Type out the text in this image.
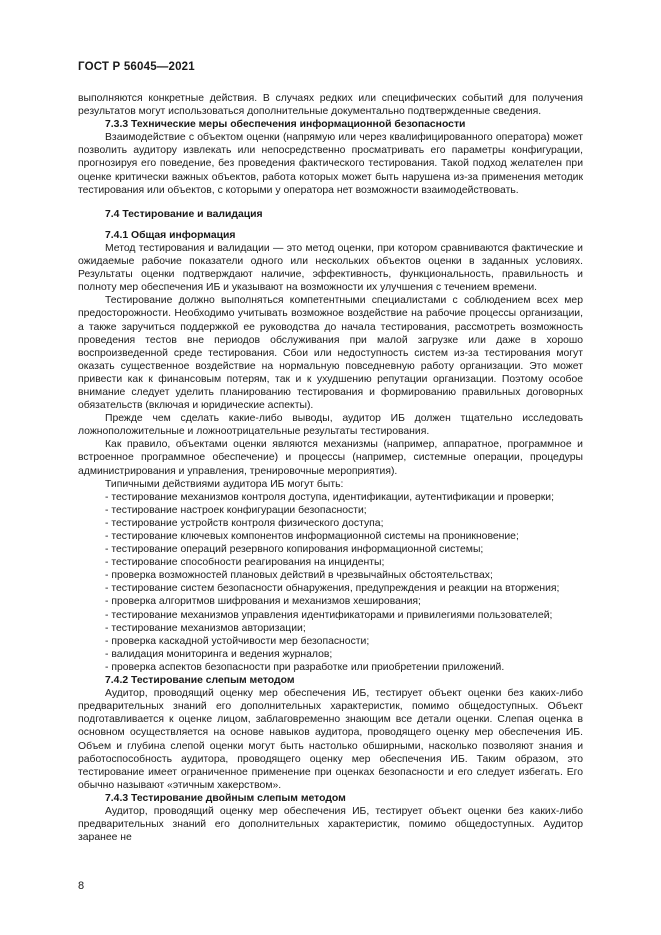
ГОСТ Р 56045—2021

выполняются конкретные действия. В случаях редких или специфических событий для получения результатов могут использоваться дополнительные документально подтвержденные сведения.

7.3.3 Технические меры обеспечения информационной безопасности

Взаимодействие с объектом оценки (напрямую или через квалифицированного оператора) может позволить аудитору извлекать или непосредственно просматривать его параметры конфигурации, прогнозируя его поведение, без проведения фактического тестирования. Такой подход желателен при оценке критически важных объектов, работа которых может быть нарушена из-за применения методик тестирования или объектов, с которыми у оператора нет возможности взаимодействовать.

7.4 Тестирование и валидация

7.4.1 Общая информация

Метод тестирования и валидации — это метод оценки, при котором сравниваются фактические и ожидаемые рабочие показатели одного или нескольких объектов оценки в заданных условиях. Результаты оценки подтверждают наличие, эффективность, функциональность, правильность и полноту мер обеспечения ИБ и указывают на возможности их улучшения с течением времени.

Тестирование должно выполняться компетентными специалистами с соблюдением всех мер предосторожности. Необходимо учитывать возможное воздействие на рабочие процессы организации, а также заручиться поддержкой ее руководства до начала тестирования, рассмотреть возможность проведения тестов вне периодов обслуживания при малой загрузке или даже в хорошо воспроизведенной среде тестирования. Сбои или недоступность систем из-за тестирования могут оказать существенное воздействие на нормальную повседневную работу организации. Это может привести как к финансовым потерям, так и к ухудшению репутации организации. Поэтому особое внимание следует уделить планированию тестирования и формированию правильных договорных обязательств (включая и юридические аспекты).

Прежде чем сделать какие-либо выводы, аудитор ИБ должен тщательно исследовать ложноположительные и ложноотрицательные результаты тестирования.

Как правило, объектами оценки являются механизмы (например, аппаратное, программное и встроенное программное обеспечение) и процессы (например, системные операции, процедуры администрирования и управления, тренировочные мероприятия).

Типичными действиями аудитора ИБ могут быть:

- тестирование механизмов контроля доступа, идентификации, аутентификации и проверки;

- тестирование настроек конфигурации безопасности;

- тестирование устройств контроля физического доступа;

- тестирование ключевых компонентов информационной системы на проникновение;

- тестирование операций резервного копирования информационной системы;

- тестирование способности реагирования на инциденты;

- проверка возможностей плановых действий в чрезвычайных обстоятельствах;

- тестирование систем безопасности обнаружения, предупреждения и реакции на вторжения;

- проверка алгоритмов шифрования и механизмов хеширования;

- тестирование механизмов управления идентификаторами и привилегиями пользователей;

- тестирование механизмов авторизации;

- проверка каскадной устойчивости мер безопасности;

- валидация мониторинга и ведения журналов;

- проверка аспектов безопасности при разработке или приобретении приложений.

7.4.2 Тестирование слепым методом

Аудитор, проводящий оценку мер обеспечения ИБ, тестирует объект оценки без каких-либо предварительных знаний его дополнительных характеристик, помимо общедоступных. Объект подготавливается к оценке лицом, заблаговременно знающим все детали оценки. Слепая оценка в основном осуществляется на основе навыков аудитора, проводящего оценку мер обеспечения ИБ. Объем и глубина слепой оценки могут быть настолько обширными, насколько позволяют знания и работоспособность аудитора, проводящего оценку мер обеспечения ИБ. Таким образом, это тестирование имеет ограниченное применение при оценках безопасности и его следует избегать. Его обычно называют «этичным хакерством».

7.4.3 Тестирование двойным слепым методом

Аудитор, проводящий оценку мер обеспечения ИБ, тестирует объект оценки без каких-либо предварительных знаний его дополнительных характеристик, помимо общедоступных. Аудитор заранее не

8
